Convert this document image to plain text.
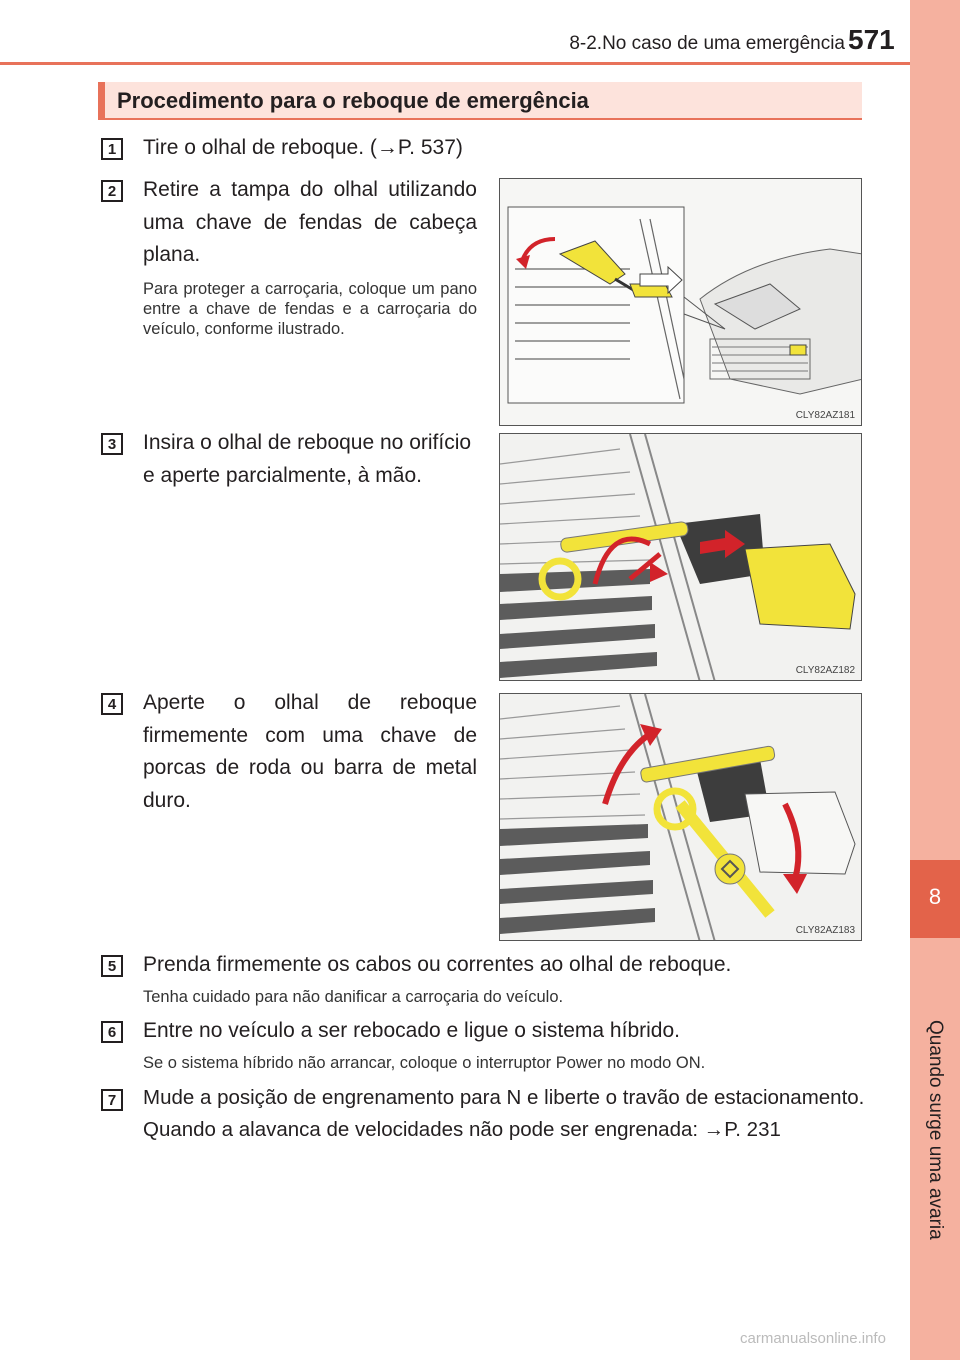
8-2.No caso de uma emergência 571
8
Quando surge uma avaria
Procedimento para o reboque de emergência
1	Tire o olhal de reboque. (→P. 537)
2	Retire a tampa do olhal utilizando uma chave de fendas de cabeça plana.
Para proteger a carroçaria, coloque um pano entre a chave de fendas e a carroçaria do veículo, conforme ilustrado.
CLY82AZ181
3	Insira o olhal de reboque no orifício e aperte parcialmente, à mão.
CLY82AZ182
4	Aperte o olhal de reboque firmemente com uma chave de porcas de roda ou barra de metal duro.
CLY82AZ183
5	Prenda firmemente os cabos ou correntes ao olhal de reboque.
Tenha cuidado para não danificar a carroçaria do veículo.
6	Entre no veículo a ser rebocado e ligue o sistema híbrido.
Se o sistema híbrido não arrancar, coloque o interruptor Power no modo ON.
7	Mude a posição de engrenamento para N e liberte o travão de estacionamento.
Quando a alavanca de velocidades não pode ser engrenada: →P. 231
carmanualsonline.info
